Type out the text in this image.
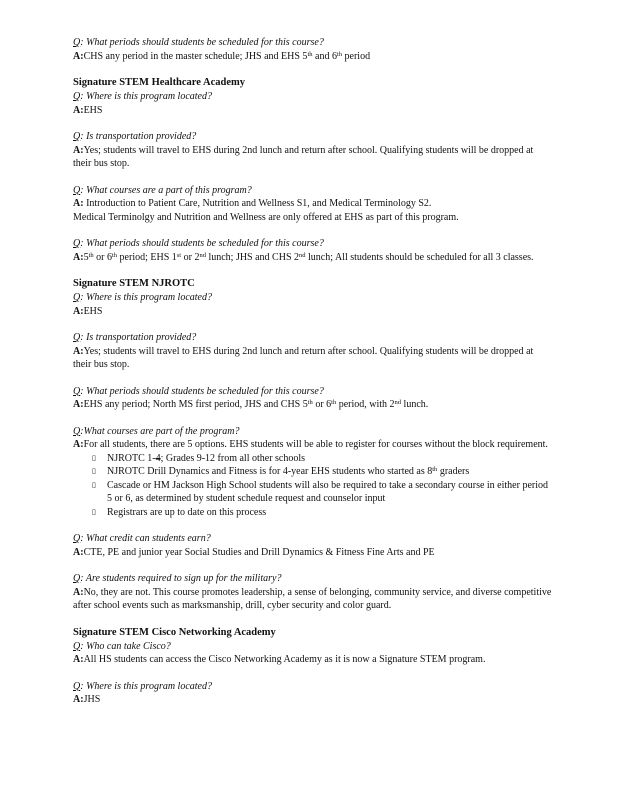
Q: What periods should students be scheduled for this course?
A:CHS any period in the master schedule; JHS and EHS 5th and 6th period
Signature STEM Healthcare Academy
Q: Where is this program located?
A:EHS
Q: Is transportation provided?
A:Yes; students will travel to EHS during 2nd lunch and return after school. Qualifying students will be dropped at their bus stop.
Q: What courses are a part of this program?
A: Introduction to Patient Care, Nutrition and Wellness S1, and Medical Terminology S2.
Medical Terminolgy and Nutrition and Wellness are only offered at EHS as part of this program.
Q: What periods should students be scheduled for this course?
A:5th or 6th period; EHS 1st or 2nd lunch; JHS and CHS 2nd lunch; All students should be scheduled for all 3 classes.
Signature STEM NJROTC
Q: Where is this program located?
A:EHS
Q: Is transportation provided?
A:Yes; students will travel to EHS during 2nd lunch and return after school. Qualifying students will be dropped at their bus stop.
Q: What periods should students be scheduled for this course?
A:EHS any period; North MS first period, JHS and CHS 5th or 6th period, with 2nd lunch.
Q:What courses are part of the program?
A:For all students, there are 5 options. EHS students will be able to register for courses without the block requirement.
▯ NJROTC 1-4; Grades 9-12 from all other schools
▯ NJROTC Drill Dynamics and Fitness is for 4-year EHS students who started as 8th graders
▯ Cascade or HM Jackson High School students will also be required to take a secondary course in either period 5 or 6, as determined by student schedule request and counselor input
▯ Registrars are up to date on this process
Q: What credit can students earn?
A:CTE, PE and junior year Social Studies and Drill Dynamics & Fitness Fine Arts and PE
Q: Are students required to sign up for the military?
A:No, they are not. This course promotes leadership, a sense of belonging, community service, and diverse competitive after school events such as marksmanship, drill, cyber security and color guard.
Signature STEM Cisco Networking Academy
Q: Who can take Cisco?
A:All HS students can access the Cisco Networking Academy as it is now a Signature STEM program.
Q: Where is this program located?
A:JHS
